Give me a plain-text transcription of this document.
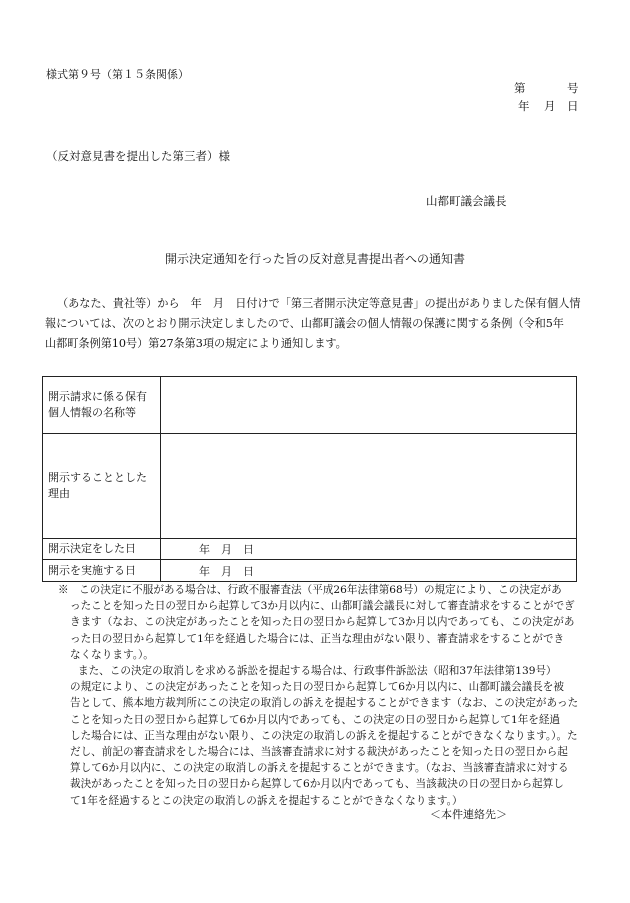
様式第９号（第１５条関係）
第	号
年 月 日
（反対意見書を提出した第三者）様
山都町議会議長
開示決定通知を行った旨の反対意見書提出者への通知書
（あなた、貴社等）から　年　月　日付けで「第三者開示決定等意見書」の提出がありました保有個人情
報については、次のとおり開示決定しましたので、山都町議会の個人情報の保護に関する条例（令和5年
山都町条例第10号）第27条第3項の規定により通知します。
開示請求に係る保有
個人情報の名称等	
開示することとした
理由	
開示決定をした日	年　月　日
開示を実施する日	年　月　日
※　この決定に不服がある場合は、行政不服審査法（平成26年法律第68号）の規定により、この決定があ
ったことを知った日の翌日から起算して3か月以内に、山都町議会議長に対して審査請求をすることがでぎ
きます（なお、この決定があったことを知った日の翌日から起算して3か月以内であっても、この決定があ
った日の翌日から起算して1年を経過した場合には、正当な理由がない限り、審査請求をすることができ
なくなります。）。
また、この決定の取消しを求める訴訟を提起する場合は、行政事件訴訟法（昭和37年法律第139号）
の規定により、この決定があったことを知った日の翌日から起算して6か月以内に、山都町議会議長を被
告として、熊本地方裁判所にこの決定の取消しの訴えを提起することができます（なお、この決定があった
ことを知った日の翌日から起算して6か月以内であっても、この決定の日の翌日から起算して1年を経過
した場合には、正当な理由がない限り、この決定の取消しの訴えを提起することができなくなります。）。た
だし、前記の審査請求をした場合には、当該審査請求に対する裁決があったことを知った日の翌日から起
算して6か月以内に、この決定の取消しの訴えを提起することができます。（なお、当該審査請求に対する
裁決があったことを知った日の翌日から起算して6か月以内であっても、当該裁決の日の翌日から起算し
て1年を経過するとこの決定の取消しの訴えを提起することができなくなります。）
＜本件連絡先＞
